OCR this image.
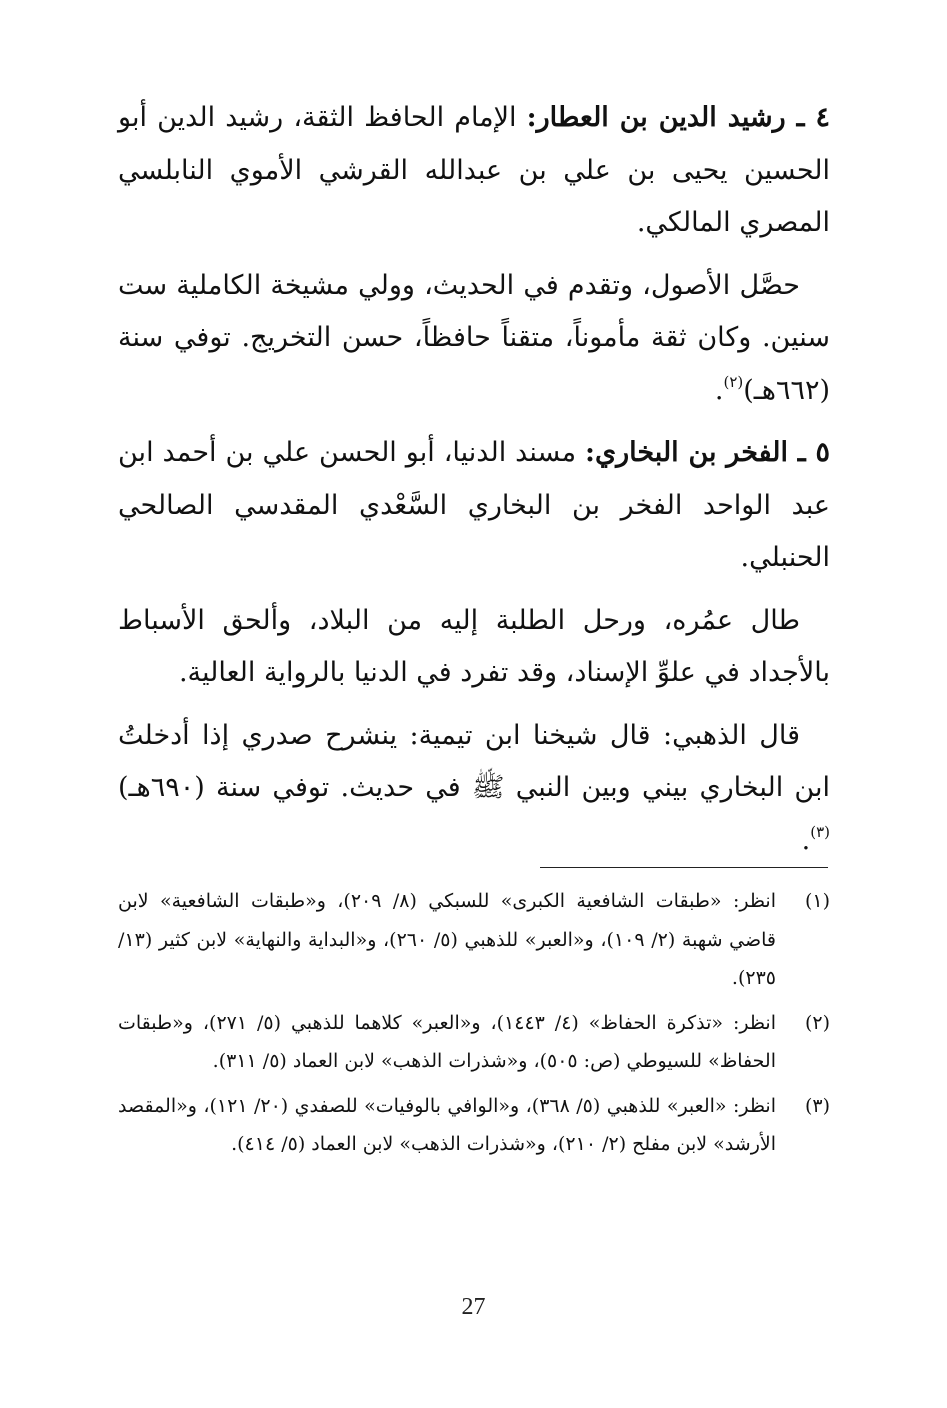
٤ ـ رشيد الدين بن العطار: الإمام الحافظ الثقة، رشيد الدين أبو الحسين يحيى بن علي بن عبدالله القرشي الأموي النابلسي المصري المالكي.

حصَّل الأصول، وتقدم في الحديث، وولي مشيخة الكاملية ست سنين. وكان ثقة مأموناً، متقناً حافظاً، حسن التخريج. توفي سنة (٦٦٢هـ)$^{(٢)}$.

٥ ـ الفخر بن البخاري: مسند الدنيا، أبو الحسن علي بن أحمد ابن عبد الواحد الفخر بن البخاري السَّعْدي المقدسي الصالحي الحنبلي.

طال عمُره، ورحل الطلبة إليه من البلاد، وألحق الأسباط بالأجداد في علوِّ الإسناد، وقد تفرد في الدنيا بالرواية العالية.

قال الذهبي: قال شيخنا ابن تيمية: ينشرح صدري إذا أدخلتُ ابن البخاري بيني وبين النبي ﷺ في حديث. توفي سنة (٦٩٠هـ)$^{(٣)}$.

(١)
انظر: «طبقات الشافعية الكبرى» للسبكي (٨/ ٢٠٩)، و«طبقات الشافعية» لابن قاضي شهبة (٢/ ١٠٩)، و«العبر» للذهبي (٥/ ٢٦٠)، و«البداية والنهاية» لابن كثير (١٣/ ٢٣٥).
(٢)
انظر: «تذكرة الحفاظ» (٤/ ١٤٤٣)، و«العبر» كلاهما للذهبي (٥/ ٢٧١)، و«طبقات الحفاظ» للسيوطي (ص: ٥٠٥)، و«شذرات الذهب» لابن العماد (٥/ ٣١١).
(٣)
انظر: «العبر» للذهبي (٥/ ٣٦٨)، و«الوافي بالوفيات» للصفدي (٢٠/ ١٢١)، و«المقصد الأرشد» لابن مفلح (٢/ ٢١٠)، و«شذرات الذهب» لابن العماد (٥/ ٤١٤).
27
